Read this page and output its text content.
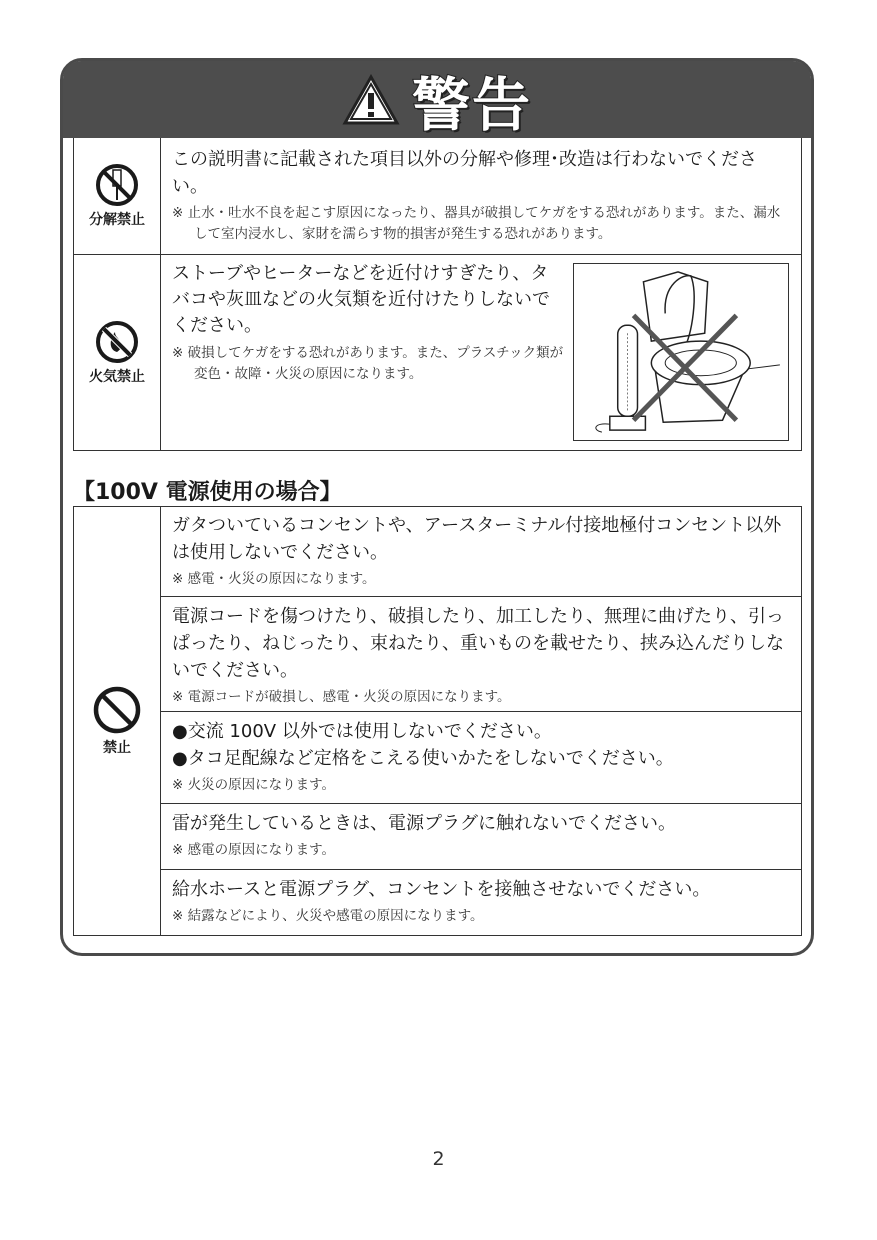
警告
分解禁止
この説明書に記載された項目以外の分解や修理･改造は行わないでください。
※ 止水・吐水不良を起こす原因になったり、器具が破損してケガをする恐れがあります。また、漏水して室内浸水し、家財を濡らす物的損害が発生する恐れがあります。
火気禁止
ストーブやヒーターなどを近付けすぎたり、タバコや灰皿などの火気類を近付けたりしないでください。
※ 破損してケガをする恐れがあります。また、プラスチック類が変色・故障・火災の原因になります。
【100V 電源使用の場合】
禁止
ガタついているコンセントや、アースターミナル付接地極付コンセント以外は使用しないでください。
※ 感電・火災の原因になります。
電源コードを傷つけたり、破損したり、加工したり、無理に曲げたり、引っぱったり、ねじったり、束ねたり、重いものを載せたり、挟み込んだりしないでください。
※ 電源コードが破損し、感電・火災の原因になります。
●交流 100V 以外では使用しないでください。
●タコ足配線など定格をこえる使いかたをしないでください。
※ 火災の原因になります。
雷が発生しているときは、電源プラグに触れないでください。
※ 感電の原因になります。
給水ホースと電源プラグ、コンセントを接触させないでください。
※ 結露などにより、火災や感電の原因になります。
2
